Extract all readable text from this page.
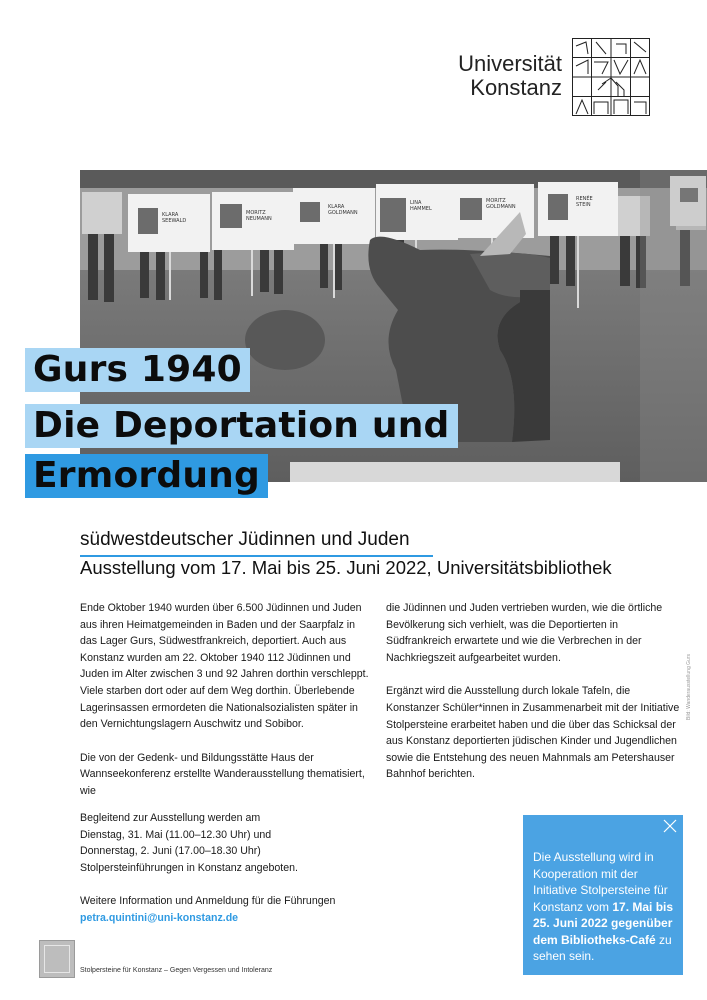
Universität
Konstanz
KLARA
SEEWALD
MORITZ
NEUMANN
KLARA
GOLDMANN
LINA
HAMMEL
MORITZ
GOLDMANN
RENÉE
STEIN
Gurs 1940
Die Deportation und
Ermordung
südwestdeutscher Jüdinnen und Juden
Ausstellung vom 17. Mai bis 25. Juni 2022, Universitätsbibliothek

Ende Oktober 1940 wurden über 6.500 Jüdinnen und Juden aus ihren Heimatgemeinden in Baden und der Saarpfalz in das Lager Gurs, Südwestfrankreich, deportiert. Auch aus Konstanz wurden am 22. Oktober 1940 112 Jüdinnen und Juden im Alter zwischen 3 und 92 Jahren dorthin verschleppt. Viele starben dort oder auf dem Weg dorthin. Überlebende Lagerinsassen ermordeten die Nationalsozialisten später in den Vernichtungslagern Auschwitz und Sobibor.

Die von der Gedenk- und Bildungsstätte Haus der Wannseekonferenz erstellte Wanderausstellung thematisiert, wie

die Jüdinnen und Juden vertrieben wurden, wie die örtliche Bevölkerung sich verhielt, was die Deportierten in Südfrankreich erwartete und wie die Verbrechen in der Nachkriegszeit aufgearbeitet wurden.

Ergänzt wird die Ausstellung durch lokale Tafeln, die Konstanzer Schüler*innen in Zusammenarbeit mit der Initiative Stolpersteine erarbeitet haben und die über das Schicksal der aus Konstanz deportierten jüdischen Kinder und Jugendlichen sowie die Entstehung des neuen Mahnmals am Petershauser Bahnhof berichten.

Bild: Wanderausstellung Gurs

Begleitend zur Ausstellung werden am
Dienstag, 31. Mai (11.00–12.30 Uhr) und
Donnerstag, 2. Juni (17.00–18.30 Uhr)
Stolpersteinführungen in Konstanz angeboten.

Weitere Information und Anmeldung für die Führungen
petra.quintini@uni-konstanz.de

Die Ausstellung wird in Kooperation mit der Initiative Stolpersteine für Konstanz vom 17. Mai bis 25. Juni 2022 gegenüber dem Bibliotheks-Café zu sehen sein.
Stolpersteine für Konstanz – Gegen Vergessen und Intoleranz
